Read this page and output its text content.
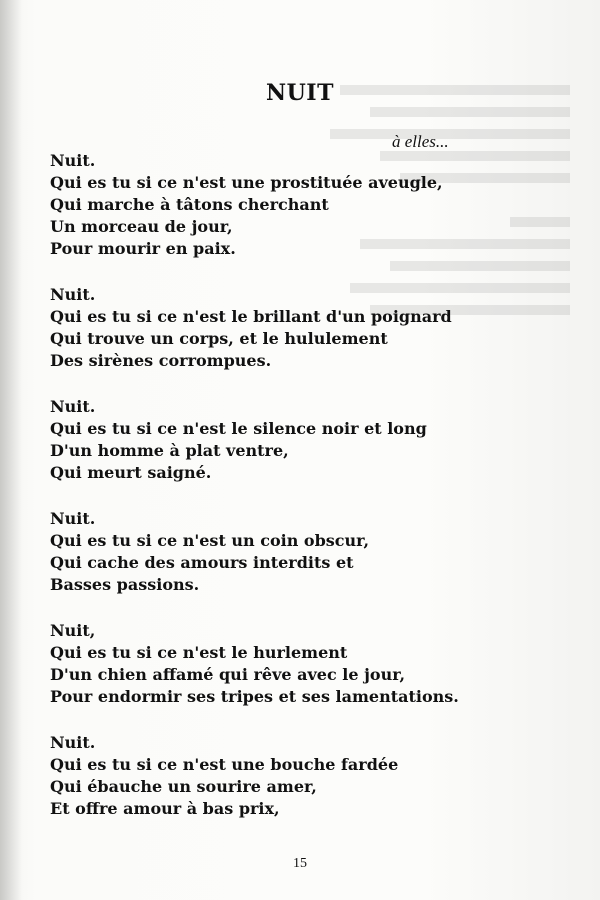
NUIT

à elles...

Nuit.
Qui es tu si ce n'est une prostituée aveugle,
Qui marche à tâtons cherchant
Un morceau de jour,
Pour mourir en paix.
Nuit.
Qui es tu si ce n'est le brillant d'un poignard
Qui trouve un corps, et le hululement
Des sirènes corrompues.
Nuit.
Qui es tu si ce n'est le silence noir et long
D'un homme à plat ventre,
Qui meurt saigné.
Nuit.
Qui es tu si ce n'est un coin obscur,
Qui cache des amours interdits et
Basses passions.
Nuit,
Qui es tu si ce n'est le hurlement
D'un chien affamé qui rêve avec le jour,
Pour endormir ses tripes et ses lamentations.
Nuit.
Qui es tu si ce n'est une bouche fardée
Qui ébauche un sourire amer,
Et offre amour à bas prix,

15
